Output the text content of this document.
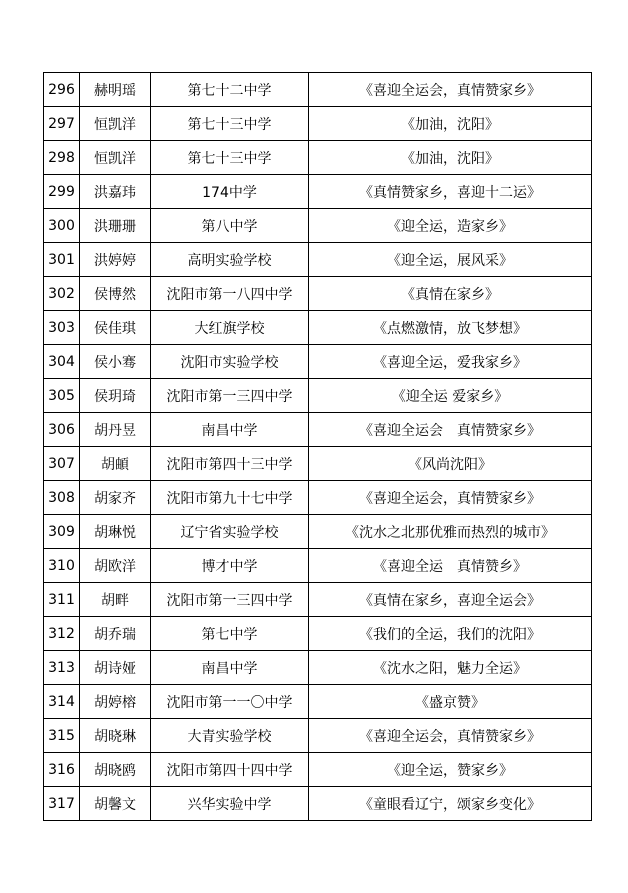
296	赫明瑶	第七十二中学	《喜迎全运会，真情赞家乡》
297	恒凯洋	第七十三中学	《加油，沈阳》
298	恒凯洋	第七十三中学	《加油，沈阳》
299	洪嘉玮	174中学	《真情赞家乡，喜迎十二运》
300	洪珊珊	第八中学	《迎全运，造家乡》
301	洪婷婷	高明实验学校	《迎全运，展风采》
302	侯博然	沈阳市第一八四中学	《真情在家乡》
303	侯佳琪	大红旗学校	《点燃激情，放飞梦想》
304	侯小骞	沈阳市实验学校	《喜迎全运，爱我家乡》
305	侯玥琦	沈阳市第一三四中学	《迎全运 爱家乡》
306	胡丹昱	南昌中学	《喜迎全运会　真情赞家乡》
307	胡頔	沈阳市第四十三中学	《风尚沈阳》
308	胡家齐	沈阳市第九十七中学	《喜迎全运会，真情赞家乡》
309	胡琳悦	辽宁省实验学校	《沈水之北那优雅而热烈的城市》
310	胡欧洋	博才中学	《喜迎全运　真情赞乡》
311	胡畔	沈阳市第一三四中学	《真情在家乡，喜迎全运会》
312	胡乔瑞	第七中学	《我们的全运，我们的沈阳》
313	胡诗娅	南昌中学	《沈水之阳，魅力全运》
314	胡婷榕	沈阳市第一一〇中学	《盛京赞》
315	胡晓琳	大青实验学校	《喜迎全运会，真情赞家乡》
316	胡晓鸥	沈阳市第四十四中学	《迎全运，赞家乡》
317	胡馨文	兴华实验中学	《童眼看辽宁，颂家乡变化》
